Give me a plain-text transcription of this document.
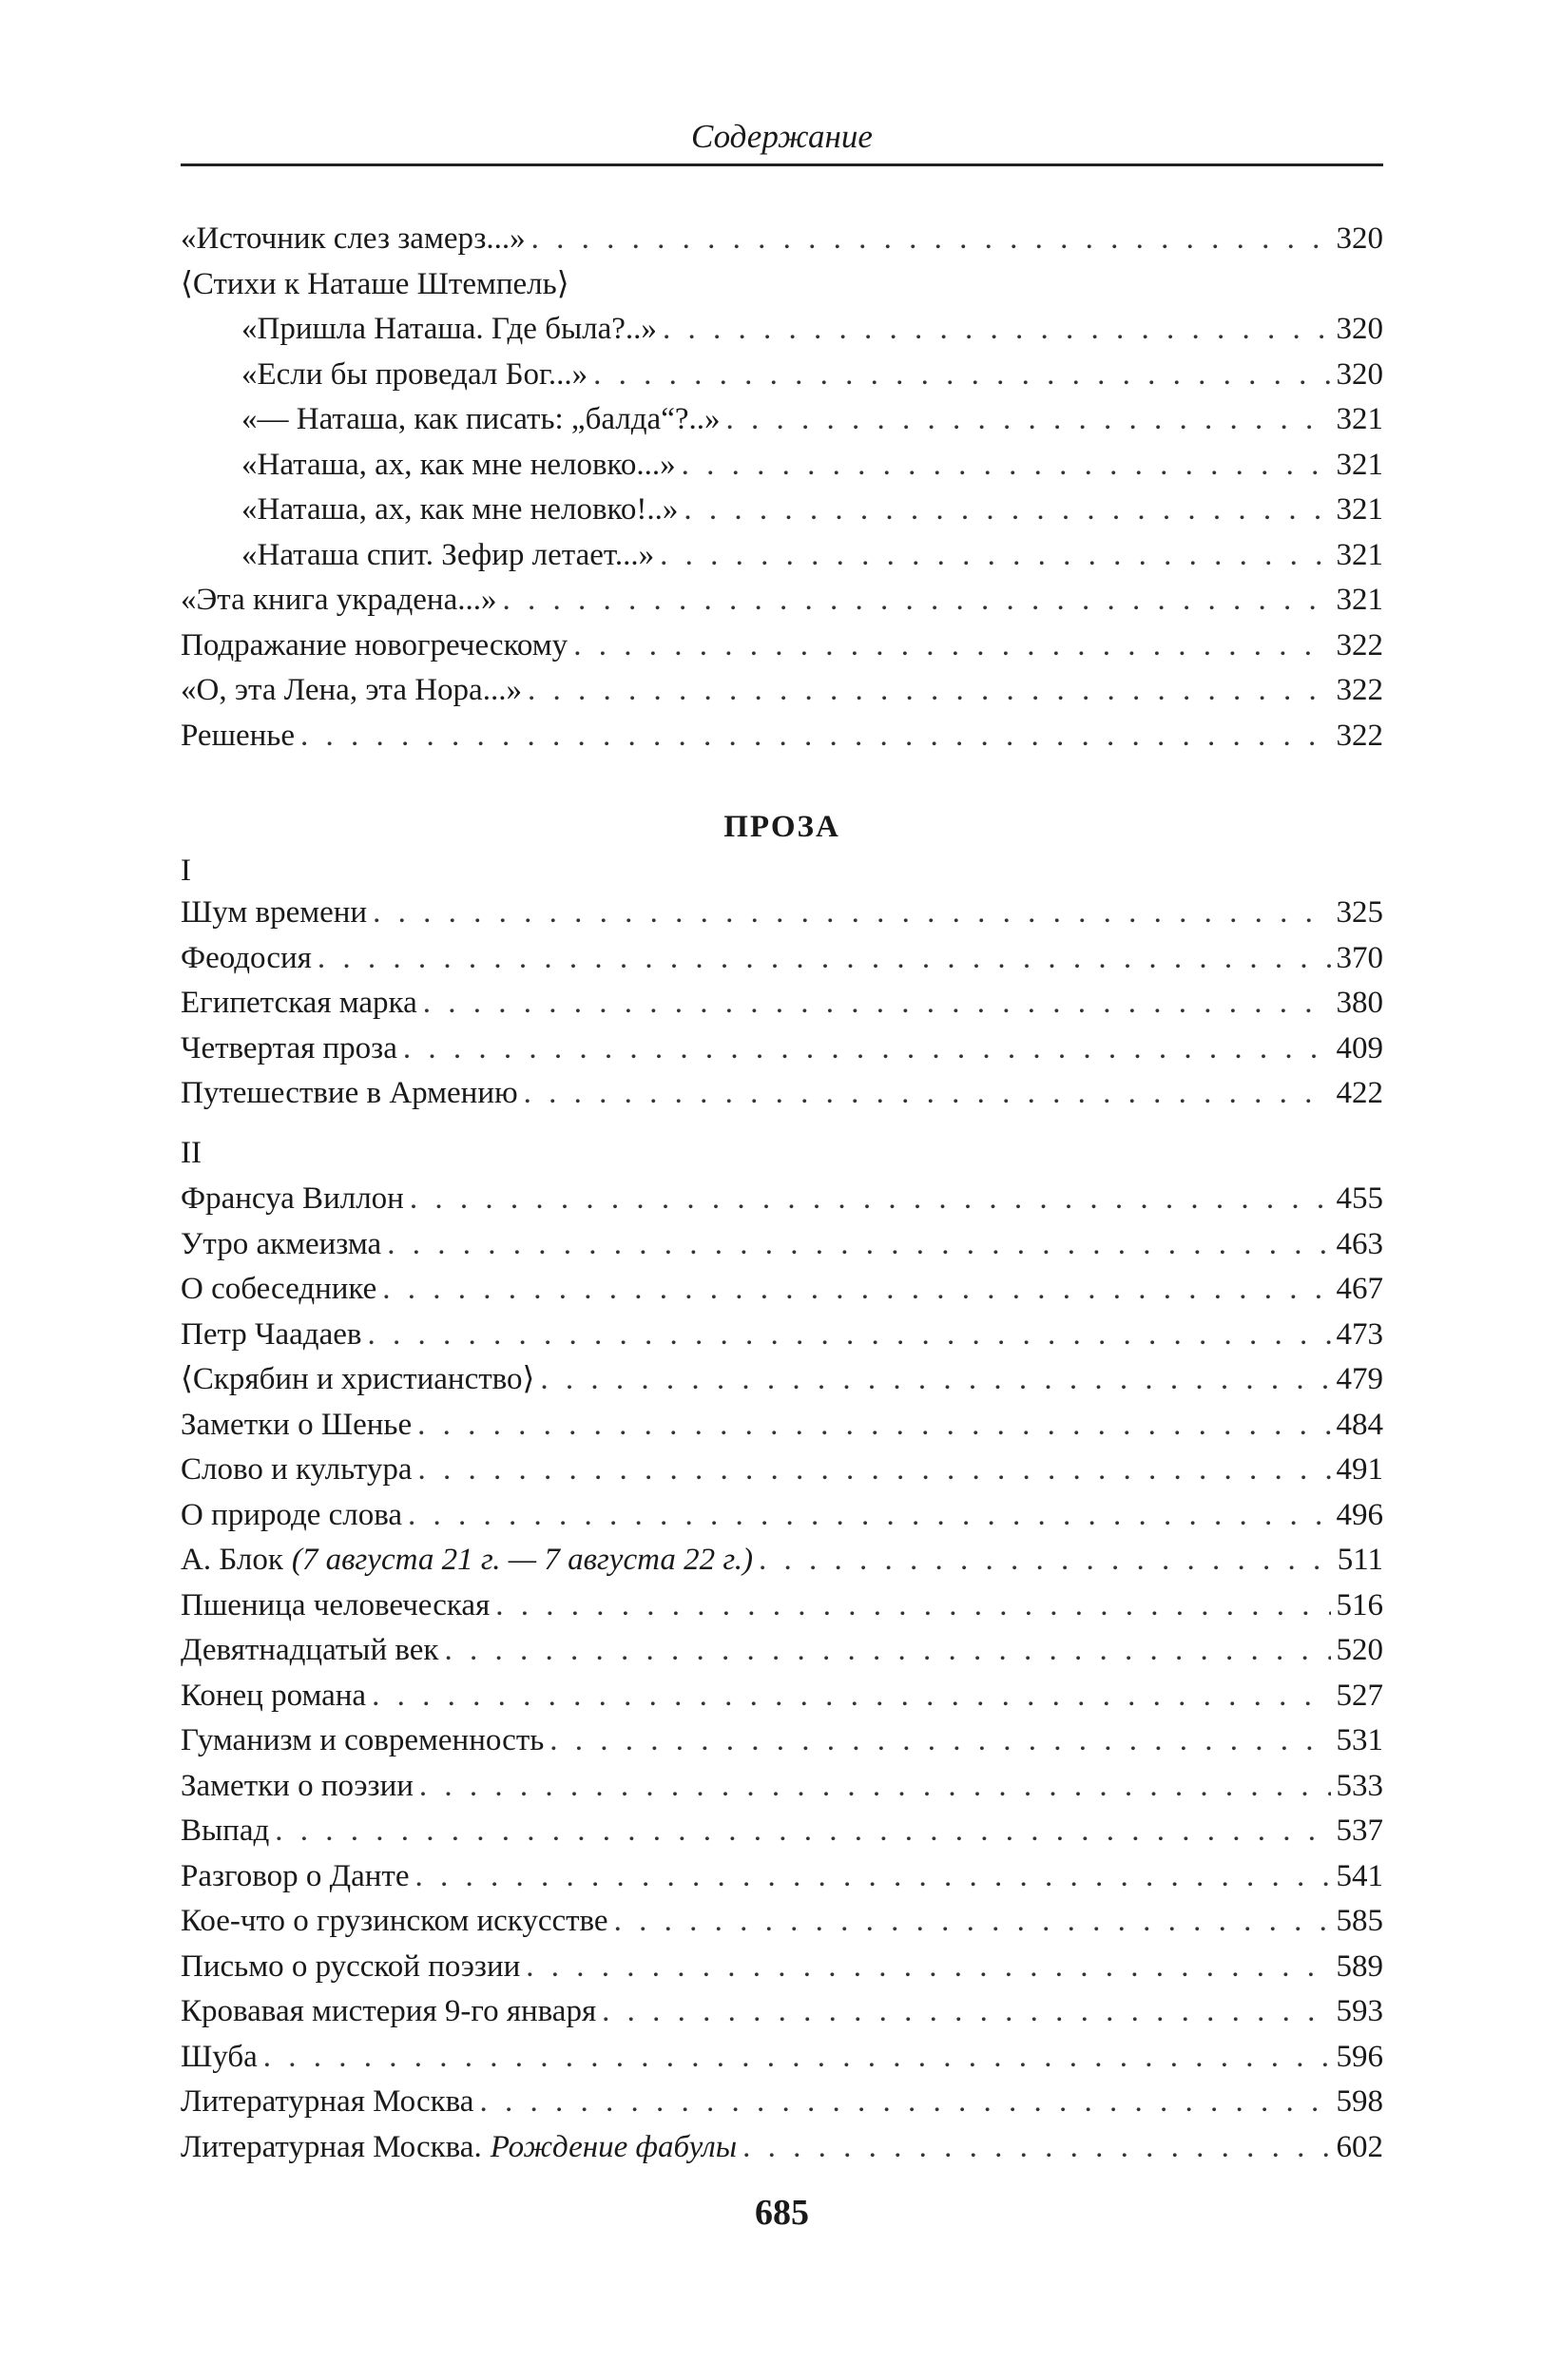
Содержание
«Источник слез замерз...» . . .	320
⟨Стихи к Наташе Штемпель⟩
«Пришла Наташа. Где была?..» . . .	320
«Если бы проведал Бог...» . . .	320
«— Наташа, как писать: „балда“?..» . . .	321
«Наташа, ах, как мне неловко...» . . .	321
«Наташа, ах, как мне неловко!..» . . .	321
«Наташа спит. Зефир летает...» . . .	321
«Эта книга украдена...» . . .	321
Подражание новогреческому . . .	322
«О, эта Лена, эта Нора...» . . .	322
Решенье . . .	322
ПРОЗА
I
Шум времени . . .	325
Феодосия . . .	370
Египетская марка . . .	380
Четвертая проза . . .	409
Путешествие в Армению . . .	422
II
Франсуа Виллон . . .	455
Утро акмеизма . . .	463
О собеседнике . . .	467
Петр Чаадаев . . .	473
⟨Скрябин и христианство⟩ . . .	479
Заметки о Шенье . . .	484
Слово и культура . . .	491
О природе слова . . .	496
А. Блок (7 августа 21 г. — 7 августа 22 г.) . . .	511
Пшеница человеческая . . .	516
Девятнадцатый век . . .	520
Конец романа . . .	527
Гуманизм и современность . . .	531
Заметки о поэзии . . .	533
Выпад . . .	537
Разговор о Данте . . .	541
Кое-что о грузинском искусстве . . .	585
Письмо о русской поэзии . . .	589
Кровавая мистерия 9-го января . . .	593
Шуба . . .	596
Литературная Москва . . .	598
Литературная Москва. Рождение фабулы . . .	602
685
